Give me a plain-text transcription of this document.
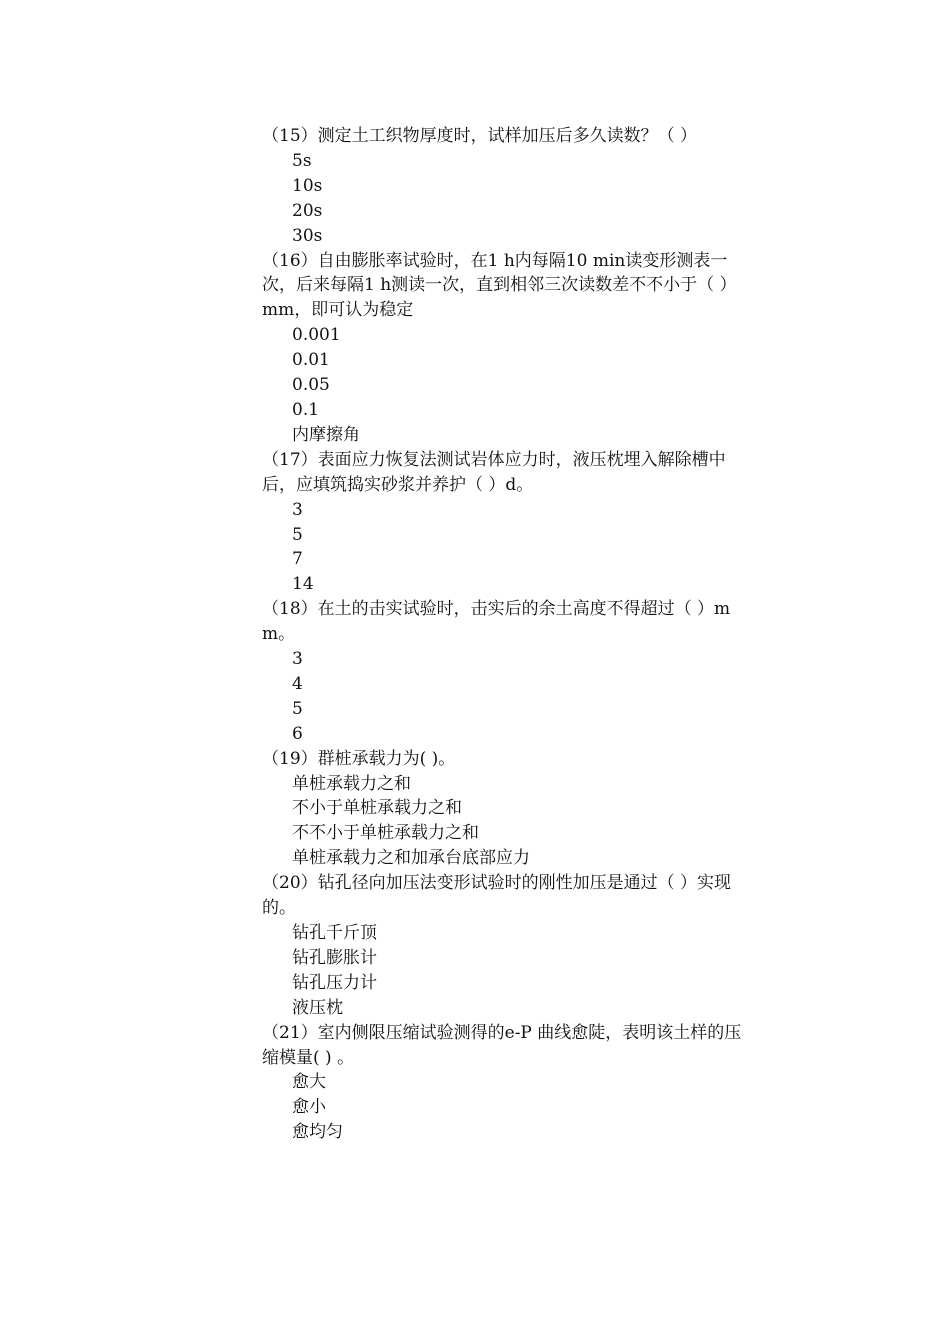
（15）测定土工织物厚度时，试样加压后多久读数？（ ）
5s
10s
20s
30s
（16）自由膨胀率试验时，在1 h内每隔10 min读变形测表一次，后来每隔1 h测读一次，直到相邻三次读数差不不小于（ ）mm，即可认为稳定
0.001
0.01
0.05
0.1
内摩擦角
（17）表面应力恢复法测试岩体应力时，液压枕埋入解除槽中后，应填筑捣实砂浆并养护（ ）d。
3
5
7
14
（18）在土的击实试验时，击实后的余土高度不得超过（ ）mm。
3
4
5
6
（19）群桩承载力为( )。
单桩承载力之和
不小于单桩承载力之和
不不小于单桩承载力之和
单桩承载力之和加承台底部应力
（20）钻孔径向加压法变形试验时的刚性加压是通过（ ）实现的。
钻孔千斤顶
钻孔膨胀计
钻孔压力计
液压枕
（21）室内侧限压缩试验测得的e-P 曲线愈陡，表明该土样的压缩模量( ) 。
愈大
愈小
愈均匀
